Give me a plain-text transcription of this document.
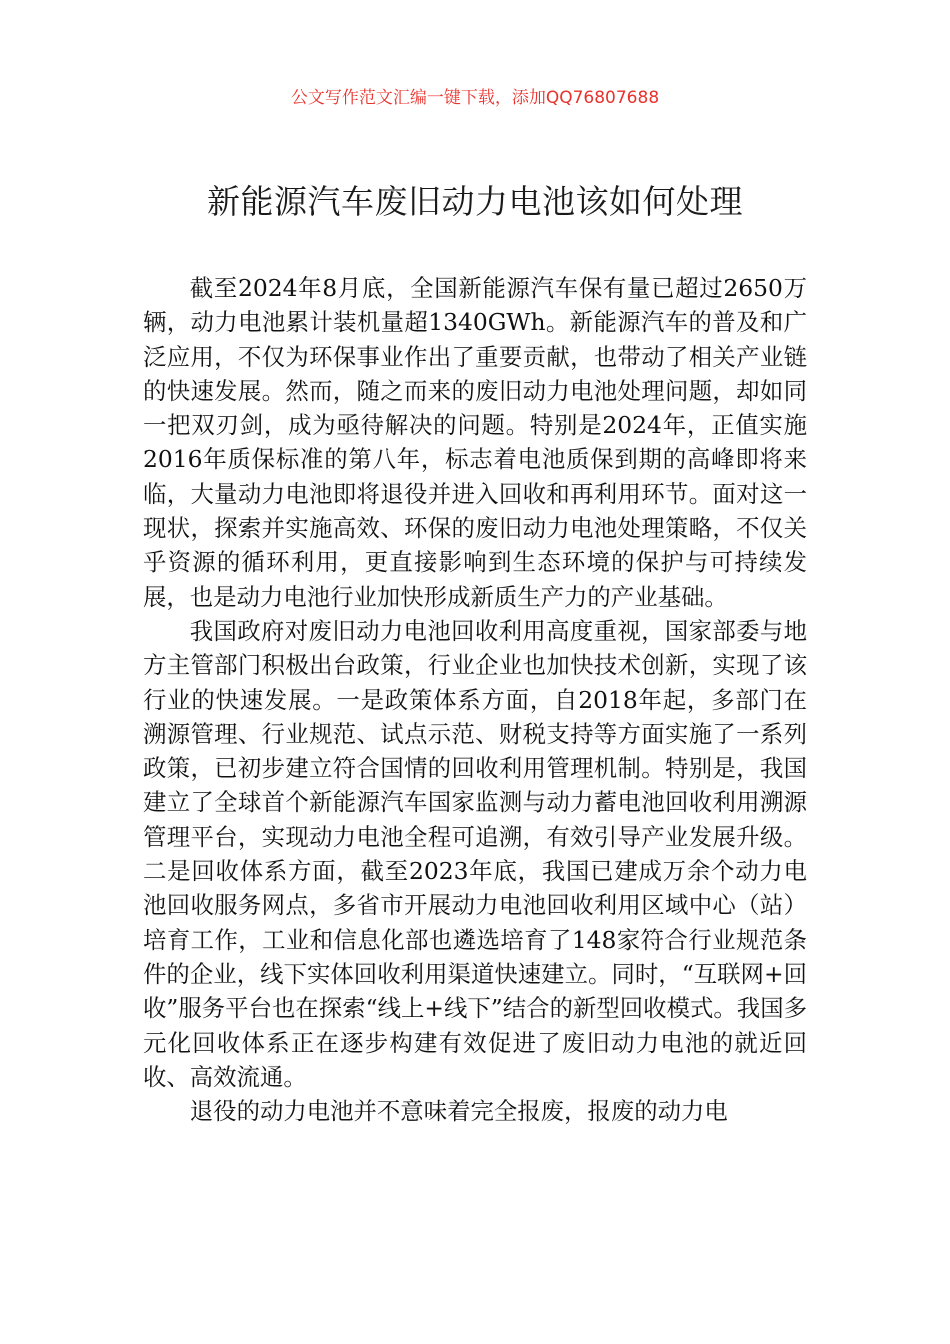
公文写作范文汇编一键下载，添加QQ76807688
新能源汽车废旧动力电池该如何处理

截至2024年8月底，全国新能源汽车保有量已超过2650万辆，动力电池累计装机量超1340GWh。新能源汽车的普及和广泛应用，不仅为环保事业作出了重要贡献，也带动了相关产业链的快速发展。然而，随之而来的废旧动力电池处理问题，却如同一把双刃剑，成为亟待解决的问题。特别是2024年，正值实施2016年质保标准的第八年，标志着电池质保到期的高峰即将来临，大量动力电池即将退役并进入回收和再利用环节。面对这一现状，探索并实施高效、环保的废旧动力电池处理策略，不仅关乎资源的循环利用，更直接影响到生态环境的保护与可持续发展，也是动力电池行业加快形成新质生产力的产业基础。

我国政府对废旧动力电池回收利用高度重视，国家部委与地方主管部门积极出台政策，行业企业也加快技术创新，实现了该行业的快速发展。一是政策体系方面，自2018年起，多部门在溯源管理、行业规范、试点示范、财税支持等方面实施了一系列政策，已初步建立符合国情的回收利用管理机制。特别是，我国建立了全球首个新能源汽车国家监测与动力蓄电池回收利用溯源管理平台，实现动力电池全程可追溯，有效引导产业发展升级。二是回收体系方面，截至2023年底，我国已建成万余个动力电池回收服务网点，多省市开展动力电池回收利用区域中心（站）培育工作，工业和信息化部也遴选培育了148家符合行业规范条件的企业，线下实体回收利用渠道快速建立。同时，“互联网+回收”服务平台也在探索“线上+线下”结合的新型回收模式。我国多元化回收体系正在逐步构建有效促进了废旧动力电池的就近回收、高效流通。

退役的动力电池并不意味着完全报废，报废的动力电
